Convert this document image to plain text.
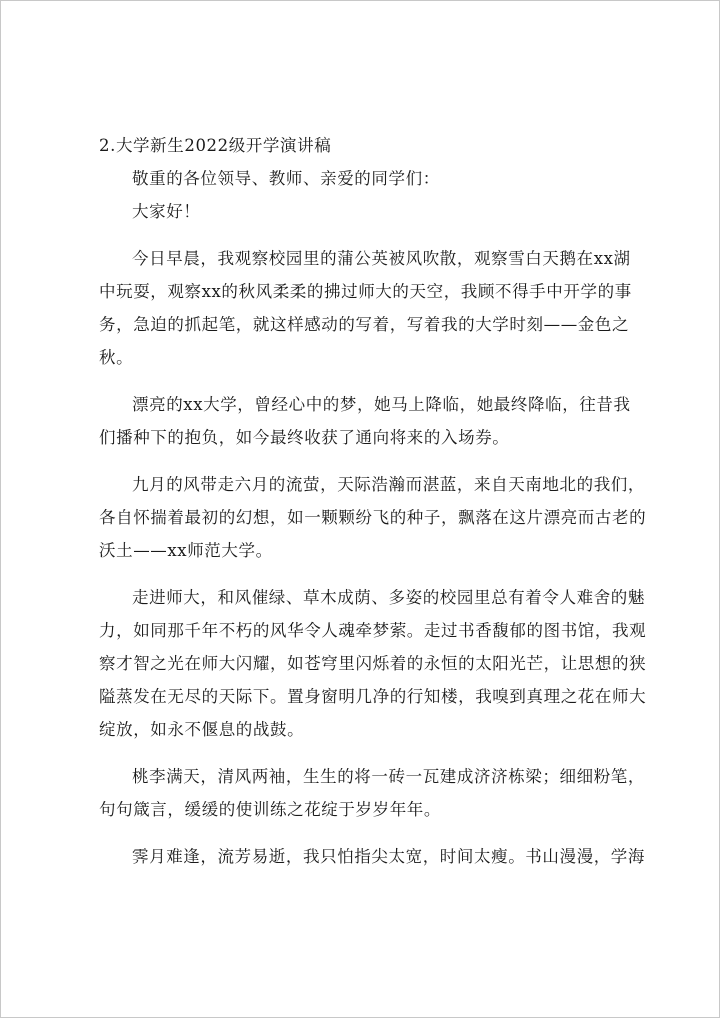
2.大学新生2022级开学演讲稿
敬重的各位领导、教师、亲爱的同学们：
大家好！
今日早晨，我观察校园里的蒲公英被风吹散，观察雪白天鹅在xx湖
中玩耍，观察xx的秋风柔柔的拂过师大的天空，我顾不得手中开学的事
务，急迫的抓起笔，就这样感动的写着，写着我的大学时刻——金色之
秋。
漂亮的xx大学，曾经心中的梦，她马上降临，她最终降临，往昔我
们播种下的抱负，如今最终收获了通向将来的入场券。
九月的风带走六月的流萤，天际浩瀚而湛蓝，来自天南地北的我们，
各自怀揣着最初的幻想，如一颗颗纷飞的种子，飘落在这片漂亮而古老的
沃土——xx师范大学。
走进师大，和风催绿、草木成荫、多姿的校园里总有着令人难舍的魅
力，如同那千年不朽的风华令人魂牵梦萦。走过书香馥郁的图书馆，我观
察才智之光在师大闪耀，如苍穹里闪烁着的永恒的太阳光芒，让思想的狭
隘蒸发在无尽的天际下。置身窗明几净的行知楼，我嗅到真理之花在师大
绽放，如永不偃息的战鼓。
桃李满天，清风两袖，生生的将一砖一瓦建成济济栋梁；细细粉笔，
句句箴言，缓缓的使训练之花绽于岁岁年年。
霁月难逢，流芳易逝，我只怕指尖太宽，时间太瘦。书山漫漫，学海
